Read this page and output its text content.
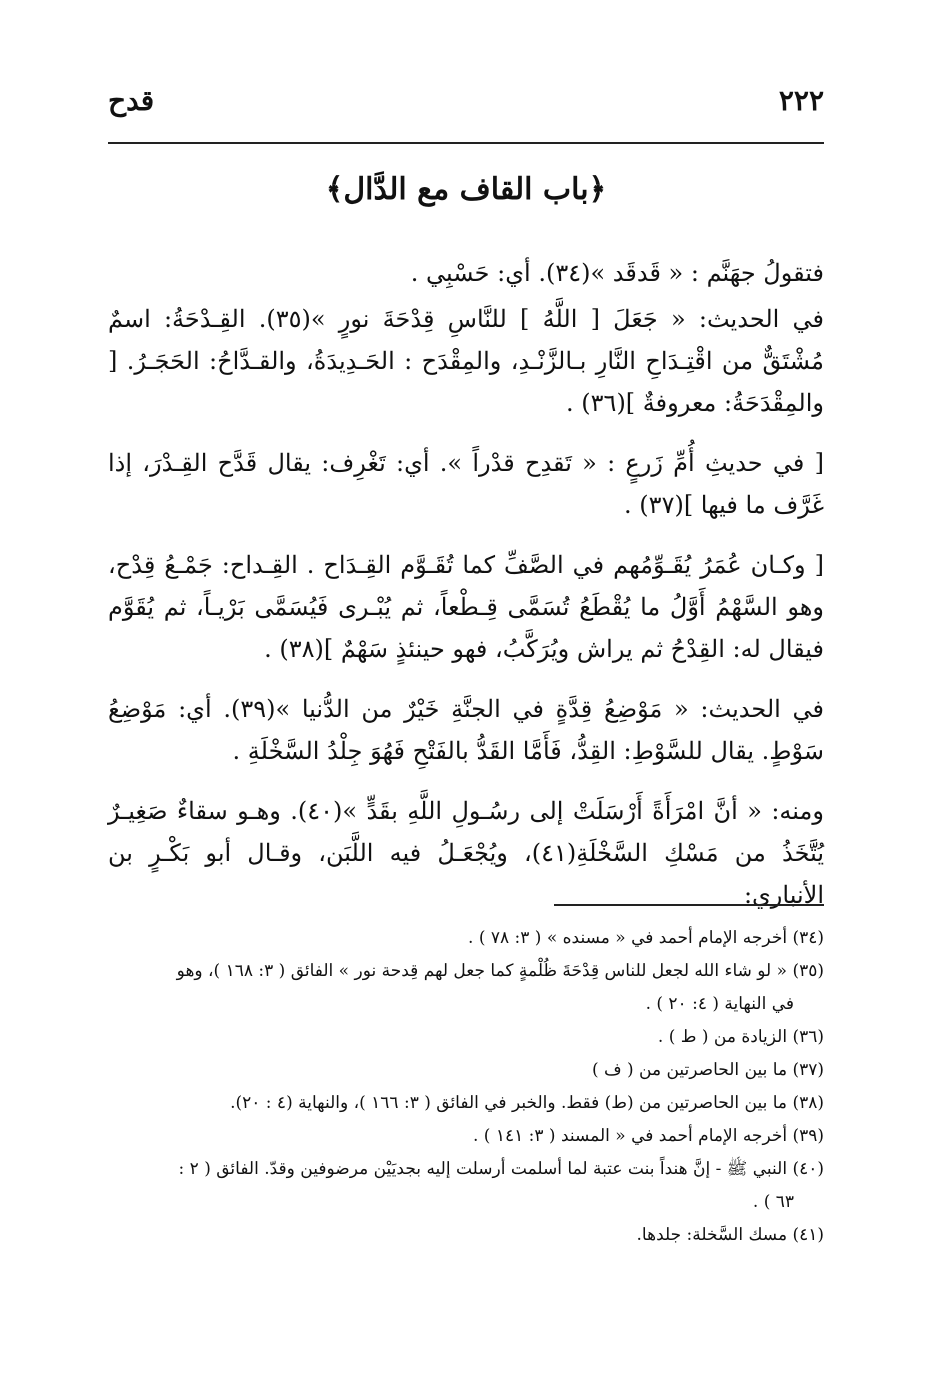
٢٢٢
قدح
﴿باب القاف مع الدَّال﴾

فتقولُ جهَنَّم : « قَدقَد »(٣٤). أي: حَسْبِي .

في الحديث: « جَعَلَ [ اللَّهُ ] للنَّاسِ قِدْحَةَ نورٍ »(٣٥). القِـدْحَةُ: اسمٌ مُشْتَقٌّ من اقْتِـدَاحِ النَّارِ بـالزَّنْـدِ، والمِقْدَح : الحَـدِيدَةُ، والقـدَّاحُ: الحَجَـرُ. [ والمِقْدَحَةُ: معروفةٌ ](٣٦) .

[ في حديثِ أُمِّ زَرعٍ : « تَقدِح قدْراً ». أي: تَغْرِف: يقال قَدَّح القِـدْرَ، إذا غَرَّف ما فيها ](٣٧) .

[ وكـان عُمَرُ يُقَـوِّمُهم في الصَّفِّ كما تُقَـوَّم القِـدَاح . القِـداح: جَمْـعُ قِدْح، وهو السَّهْمُ أَوَّلُ ما يُقْطَعُ تُسَمَّى قِـطْعاً، ثم يُبْـرى فَيُسَمَّى بَرْيـاً، ثم يُقَوَّم فيقال له: القِدْحُ ثم يراش ويُرَكَّبُ، فهو حينئذٍ سَهْمٌ ](٣٨) .

في الحديث: « مَوْضِعُ قِدَّةٍ في الجنَّةِ خَيْرٌ من الدُّنيا »(٣٩). أي: مَوْضِعُ سَوْطٍ. يقال للسَّوْطِ: القِدُّ، فَأَمَّا القَدُّ بالفَتْحِ فَهُوَ جِلْدُ السَّخْلَةِ .

ومنه: « أنَّ امْرَأَةً أَرْسَلَتْ إلى رسُـولِ اللَّهِ بقَدٍّ »(٤٠). وهـو سقاءٌ صَغِيـرٌ يُتَّخَذُ من مَسْكِ السَّخْلَةِ(٤١)، ويُجْعَـلُ فيه اللَّبَن، وقـال أبو بَكْـرٍ بن الأنباري:

(٣٤) أخرجه الإمام أحمد في « مسنده » ( ٣: ٧٨ ) .

(٣٥) « لو شاء الله لجعل للناس قِدْحَةَ ظُلْمةٍ كما جعل لهم قِدحة نور » الفائق ( ٣: ١٦٨ )، وهو

في النهاية ( ٤: ٢٠ ) .

(٣٦) الزيادة من ( ط ) .

(٣٧) ما بين الحاصرتين من ( ف )

(٣٨) ما بين الحاصرتين من (ط) فقط. والخبر في الفائق ( ٣: ١٦٦ )، والنهاية (٤ : ٢٠).

(٣٩) أخرجه الإمام أحمد في « المسند ( ٣: ١٤١ ) .

(٤٠) النبي ﷺ - إنَّ هنداً بنت عتبة لما أسلمت أرسلت إليه بجديَيْن مرضوفين وقدّ. الفائق ( ٢ :

٦٣ ) .

(٤١) مسك السَّخلة: جلدها.
